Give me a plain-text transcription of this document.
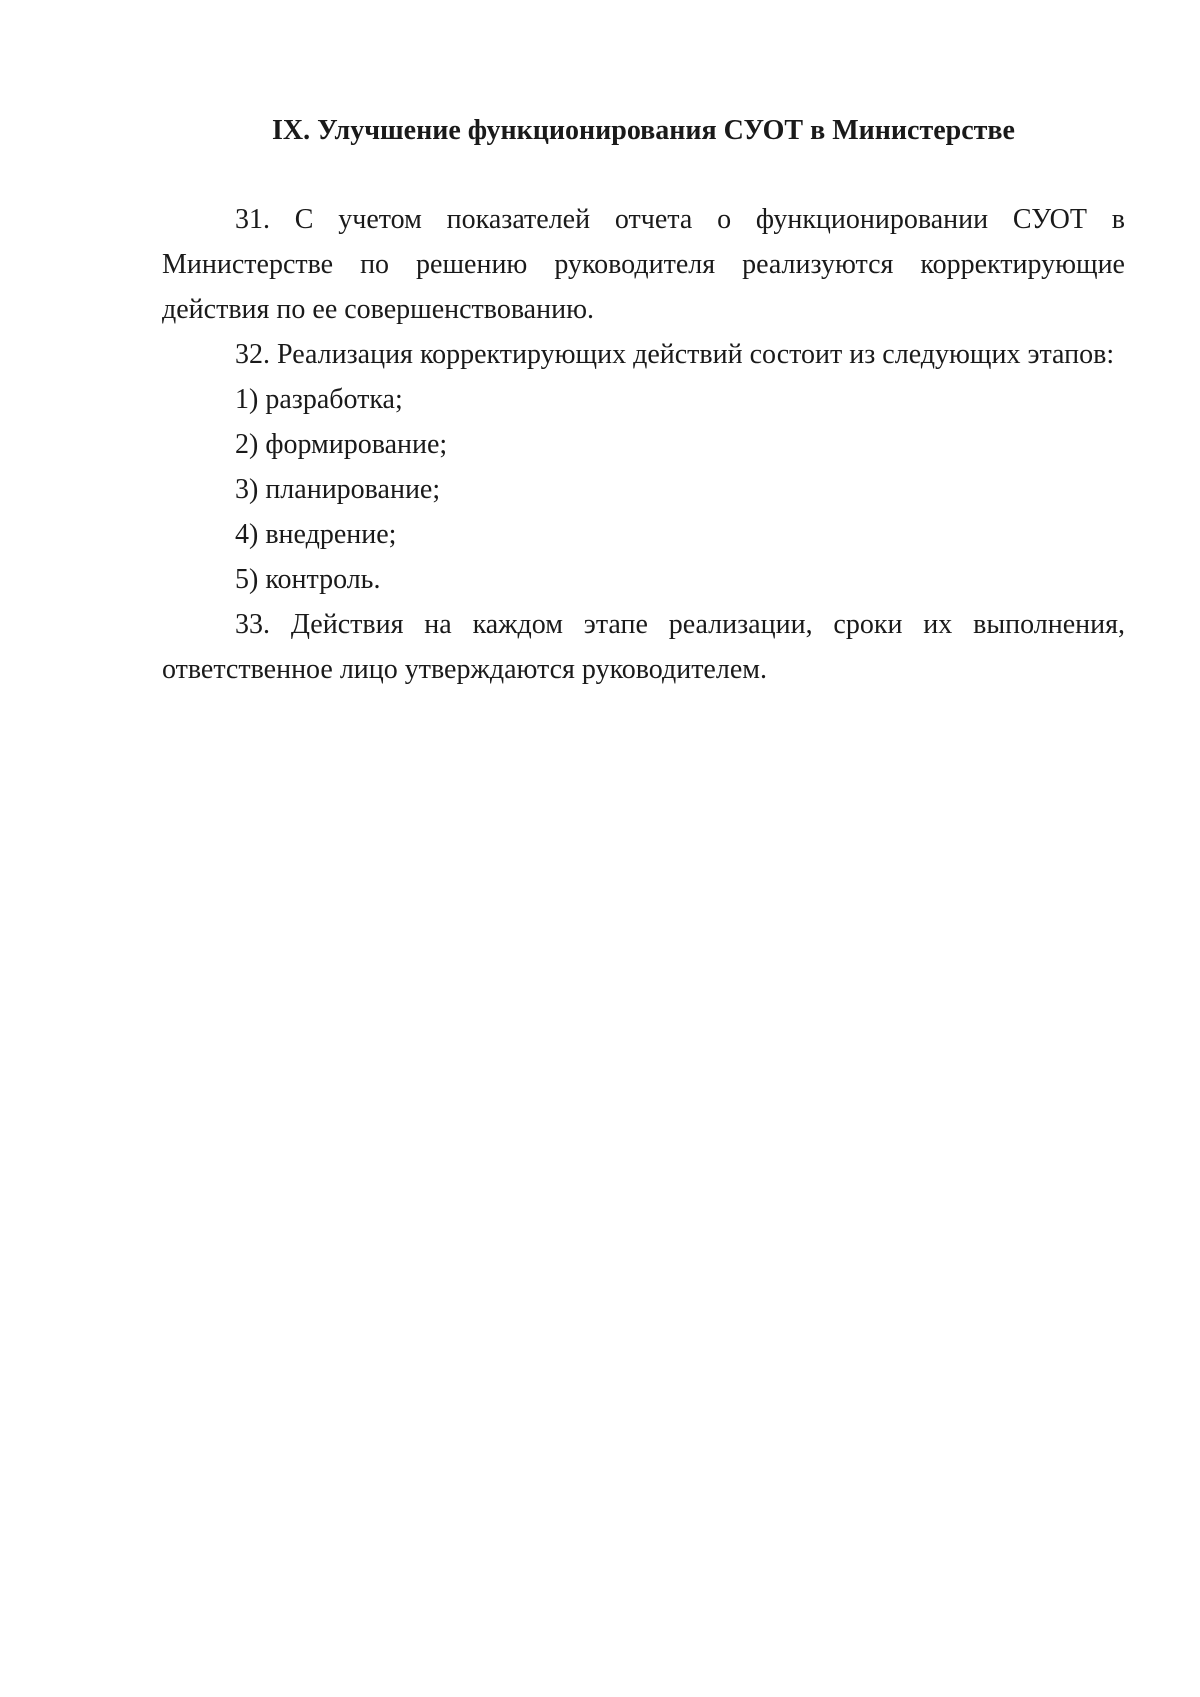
IX. Улучшение функционирования СУОТ в Министерстве

31. С учетом показателей отчета о функционировании СУОТ в Министерстве по решению руководителя реализуются корректирующие действия по ее совершенствованию.

32. Реализация корректирующих действий состоит из следующих этапов:

1) разработка;

2) формирование;

3) планирование;

4) внедрение;

5) контроль.

33. Действия на каждом этапе реализации, сроки их выполнения, ответственное лицо утверждаются руководителем.
